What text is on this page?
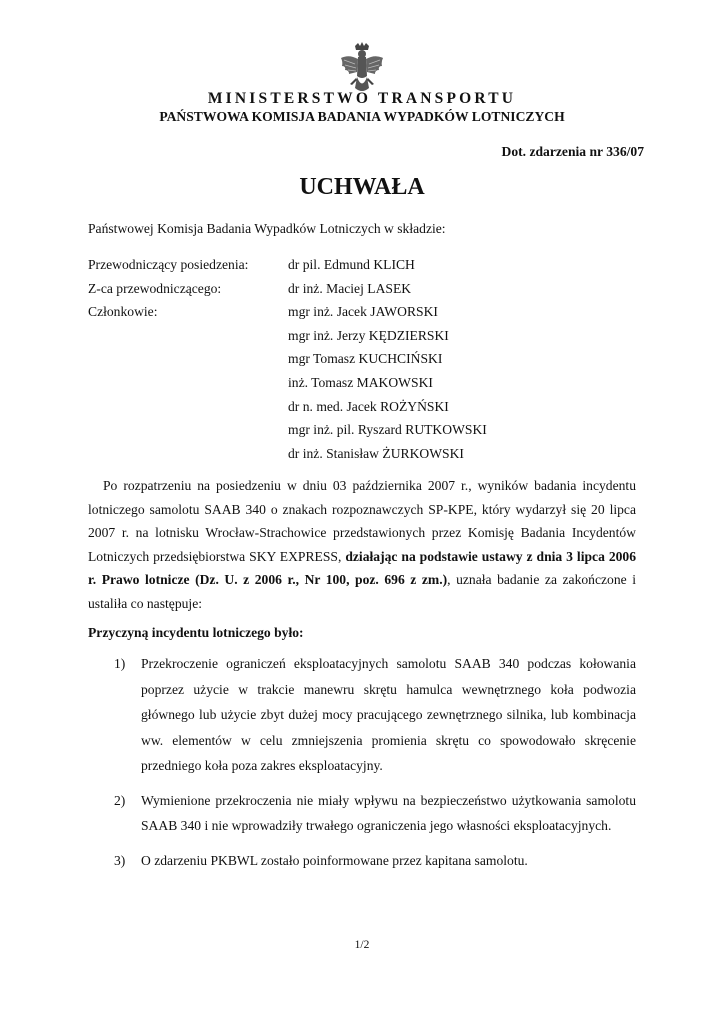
MINISTERSTWO TRANSPORTU

PAŃSTWOWA KOMISJA BADANIA WYPADKÓW LOTNICZYCH

Dot. zdarzenia nr 336/07

UCHWAŁA

Państwowej Komisja Badania Wypadków Lotniczych w składzie:

Przewodniczący posiedzenia:	dr pil. Edmund KLICH
Z-ca przewodniczącego:	dr inż. Maciej LASEK
Członkowie:	mgr inż. Jacek JAWORSKI
mgr inż. Jerzy KĘDZIERSKI
mgr Tomasz KUCHCIŃSKI
inż. Tomasz MAKOWSKI
dr n. med. Jacek ROŻYŃSKI
mgr inż. pil. Ryszard RUTKOWSKI
dr inż. Stanisław ŻURKOWSKI

Po rozpatrzeniu na posiedzeniu w dniu 03 października 2007 r., wyników badania incydentu lotniczego samolotu SAAB 340 o znakach rozpoznawczych SP-KPE, który wydarzył się 20 lipca 2007 r. na lotnisku Wrocław-Strachowice przedstawionych przez Komisję Badania Incydentów Lotniczych przedsiębiorstwa SKY EXPRESS, działając na podstawie ustawy z dnia 3 lipca 2006 r. Prawo lotnicze (Dz. U. z 2006 r., Nr 100, poz. 696 z zm.), uznała badanie za zakończone i ustaliła co następuje:

Przyczyną incydentu lotniczego było:

1)	Przekroczenie ograniczeń eksploatacyjnych samolotu SAAB 340 podczas kołowania poprzez użycie w trakcie manewru skrętu hamulca wewnętrznego koła podwozia głównego lub użycie zbyt dużej mocy pracującego zewnętrznego silnika, lub kombinacja ww. elementów w celu zmniejszenia promienia skrętu co spowodowało skręcenie przedniego koła poza zakres eksploatacyjny.
2)	Wymienione przekroczenia nie miały wpływu na bezpieczeństwo użytkowania samolotu SAAB 340 i nie wprowadziły trwałego ograniczenia jego własności eksploatacyjnych.
3)	O zdarzeniu PKBWL zostało poinformowane przez kapitana samolotu.

1/2
